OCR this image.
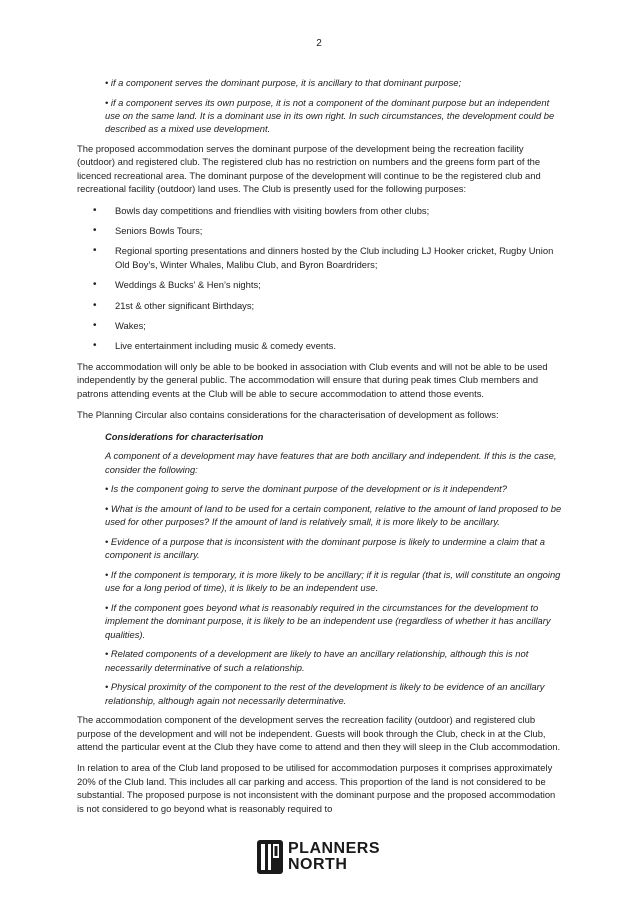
2

• if a component serves the dominant purpose, it is ancillary to that dominant purpose;

• if a component serves its own purpose, it is not a component of the dominant purpose but an independent use on the same land. It is a dominant use in its own right. In such circumstances, the development could be described as a mixed use development.

The proposed accommodation serves the dominant purpose of the development being the recreation facility (outdoor) and registered club. The registered club has no restriction on numbers and the greens form part of the licenced recreational area. The dominant purpose of the development will continue to be the registered club and recreational facility (outdoor) land uses. The Club is presently used for the following purposes:

• Bowls day competitions and friendlies with visiting bowlers from other clubs;
• Seniors Bowls Tours;
• Regional sporting presentations and dinners hosted by the Club including LJ Hooker cricket, Rugby Union Old Boy’s, Winter Whales, Malibu Club, and Byron Boardriders;
• Weddings & Bucks’ & Hen’s nights;
• 21st & other significant Birthdays;
• Wakes;
• Live entertainment including music & comedy events.

The accommodation will only be able to be booked in association with Club events and will not be able to be used independently by the general public. The accommodation will ensure that during peak times Club members and patrons attending events at the Club will be able to secure accommodation to attend those events.

The Planning Circular also contains considerations for the characterisation of development as follows:

Considerations for characterisation

A component of a development may have features that are both ancillary and independent. If this is the case, consider the following:

• Is the component going to serve the dominant purpose of the development or is it independent?

• What is the amount of land to be used for a certain component, relative to the amount of land proposed to be used for other purposes? If the amount of land is relatively small, it is more likely to be ancillary.

• Evidence of a purpose that is inconsistent with the dominant purpose is likely to undermine a claim that a component is ancillary.

• If the component is temporary, it is more likely to be ancillary; if it is regular (that is, will constitute an ongoing use for a long period of time), it is likely to be an independent use.

• If the component goes beyond what is reasonably required in the circumstances for the development to implement the dominant purpose, it is likely to be an independent use (regardless of whether it has ancillary qualities).

• Related components of a development are likely to have an ancillary relationship, although this is not necessarily determinative of such a relationship.

• Physical proximity of the component to the rest of the development is likely to be evidence of an ancillary relationship, although again not necessarily determinative.

The accommodation component of the development serves the recreation facility (outdoor) and registered club purpose of the development and will not be independent. Guests will book through the Club, check in at the Club, attend the particular event at the Club they have come to attend and then they will sleep in the Club accommodation.

In relation to area of the Club land proposed to be utilised for accommodation purposes it comprises approximately 20% of the Club land. This includes all car parking and access. This proportion of the land is not considered to be substantial. The proposed purpose is not inconsistent with the dominant purpose and the proposed accommodation is not considered to go beyond what is reasonably required to

PLANNERS
NORTH
